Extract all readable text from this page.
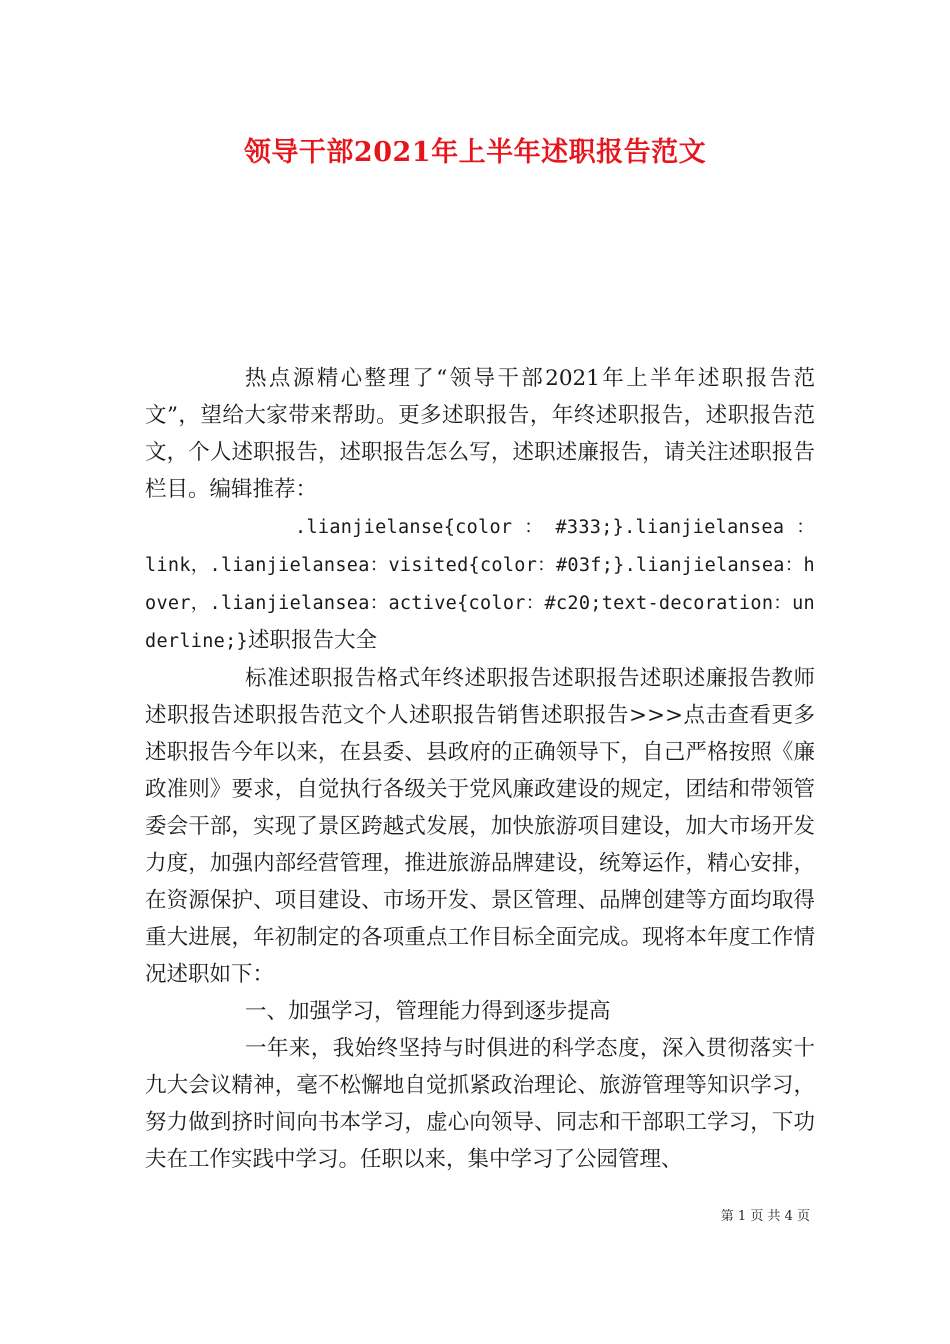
领导干部2021年上半年述职报告范文

热点源精心整理了“领导干部2021年上半年述职报告范文”，望给大家带来帮助。更多述职报告，年终述职报告，述职报告范文，个人述职报告，述职报告怎么写，述职述廉报告，请关注述职报告栏目。编辑推荐：

.lianjielanse{color ： #333;}.lianjielansea ：link，.lianjielansea：visited{color：#03f;}.lianjielansea：hover，.lianjielansea：active{color：#c20;text-decoration：underline;}述职报告大全

标准述职报告格式年终述职报告述职报告述职述廉报告教师述职报告述职报告范文个人述职报告销售述职报告>>>点击查看更多述职报告今年以来，在县委、县政府的正确领导下，自己严格按照《廉政准则》要求，自觉执行各级关于党风廉政建设的规定，团结和带领管委会干部，实现了景区跨越式发展，加快旅游项目建设，加大市场开发力度，加强内部经营管理，推进旅游品牌建设，统筹运作，精心安排，在资源保护、项目建设、市场开发、景区管理、品牌创建等方面均取得重大进展，年初制定的各项重点工作目标全面完成。现将本年度工作情况述职如下：

一、加强学习，管理能力得到逐步提高

一年来，我始终坚持与时俱进的科学态度，深入贯彻落实十九大会议精神，毫不松懈地自觉抓紧政治理论、旅游管理等知识学习，努力做到挤时间向书本学习，虚心向领导、同志和干部职工学习，下功夫在工作实践中学习。任职以来，集中学习了公园管理、

第 1 页 共 4 页
